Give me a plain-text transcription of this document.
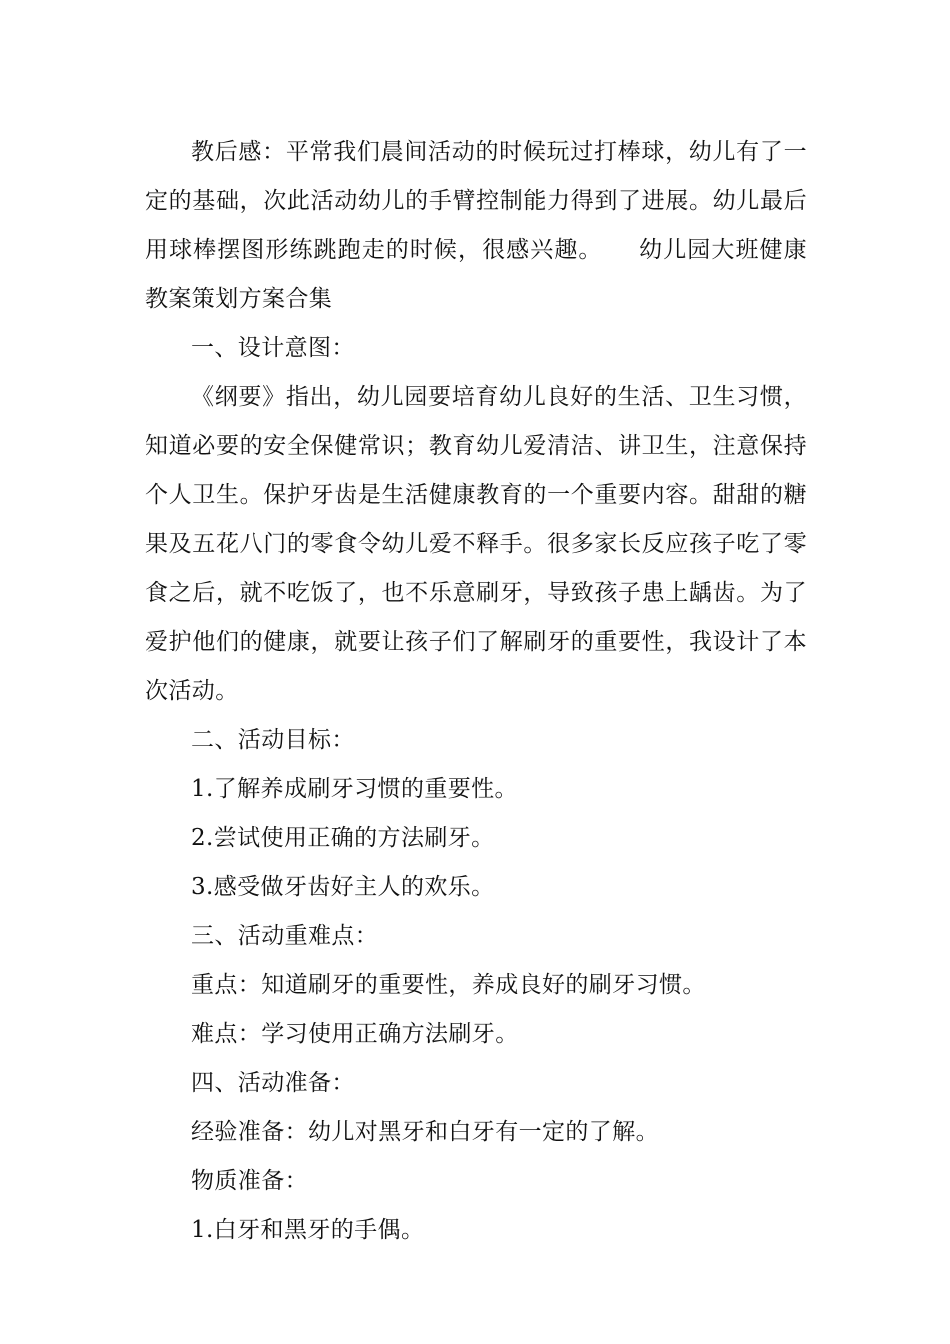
教后感：平常我们晨间活动的时候玩过打棒球，幼儿有了一定的基础，次此活动幼儿的手臂控制能力得到了进展。幼儿最后用球棒摆图形练跳跑走的时候，很感兴趣。　　幼儿园大班健康教案策划方案合集

一、设计意图：

《纲要》指出，幼儿园要培育幼儿良好的生活、卫生习惯，知道必要的安全保健常识；教育幼儿爱清洁、讲卫生，注意保持个人卫生。保护牙齿是生活健康教育的一个重要内容。甜甜的糖果及五花八门的零食令幼儿爱不释手。很多家长反应孩子吃了零食之后，就不吃饭了，也不乐意刷牙，导致孩子患上龋齿。为了爱护他们的健康，就要让孩子们了解刷牙的重要性，我设计了本次活动。

二、活动目标：

1.了解养成刷牙习惯的重要性。

2.尝试使用正确的方法刷牙。

3.感受做牙齿好主人的欢乐。

三、活动重难点：

重点：知道刷牙的重要性，养成良好的刷牙习惯。

难点：学习使用正确方法刷牙。

四、活动准备：

经验准备：幼儿对黑牙和白牙有一定的了解。

物质准备：

1.白牙和黑牙的手偶。
